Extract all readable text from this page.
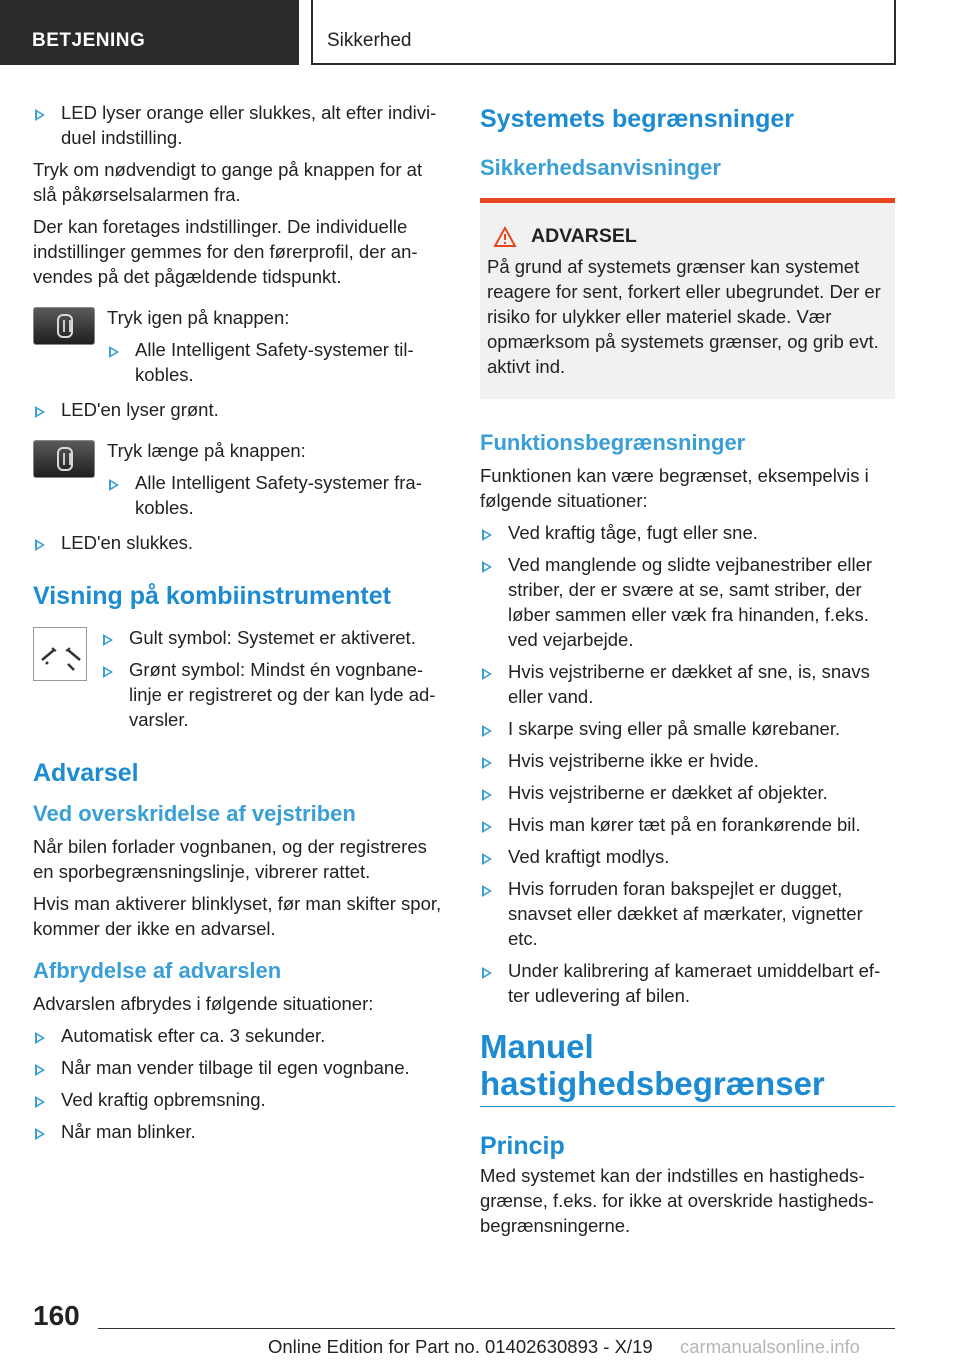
BETJENING	Sikkerhed
LED lyser orange eller slukkes, alt efter indivi-duel indstilling.

Tryk om nødvendigt to gange på knappen for at slå påkørselsalarmen fra.

Der kan foretages indstillinger. De individuelle indstillinger gemmes for den førerprofil, der an-vendes på det pågældende tidspunkt.

Tryk igen på knappen:

Alle Intelligent Safety-systemer til-kobles.
LED'en lyser grønt.

Tryk længe på knappen:

Alle Intelligent Safety-systemer fra-kobles.
LED'en slukkes.
Visning på kombiinstrumentet
Gult symbol: Systemet er aktiveret.
Grønt symbol: Mindst én vognbane-linje er registreret og der kan lyde ad-varsler.
Advarsel
Ved overskridelse af vejstriben

Når bilen forlader vognbanen, og der registreres en sporbegrænsningslinje, vibrerer rattet.

Hvis man aktiverer blinklyset, før man skifter spor, kommer der ikke en advarsel.

Afbrydelse af advarslen

Advarslen afbrydes i følgende situationer:

Automatisk efter ca. 3 sekunder.
Når man vender tilbage til egen vognbane.
Ved kraftig opbremsning.
Når man blinker.
Systemets begrænsninger
Sikkerhedsanvisninger
ADVARSEL

På grund af systemets grænser kan systemet reagere for sent, forkert eller ubegrundet. Der er risiko for ulykker eller materiel skade. Vær opmærksom på systemets grænser, og grib evt. aktivt ind.

Funktionsbegrænsninger

Funktionen kan være begrænset, eksempelvis i følgende situationer:

Ved kraftig tåge, fugt eller sne.
Ved manglende og slidte vejbanestriber eller striber, der er svære at se, samt striber, der løber sammen eller væk fra hinanden, f.eks. ved vejarbejde.
Hvis vejstriberne er dækket af sne, is, snavs eller vand.
I skarpe sving eller på smalle kørebaner.
Hvis vejstriberne ikke er hvide.
Hvis vejstriberne er dækket af objekter.
Hvis man kører tæt på en forankørende bil.
Ved kraftigt modlys.
Hvis forruden foran bakspejlet er dugget, snavset eller dækket af mærkater, vignetter etc.
Under kalibrering af kameraet umiddelbart ef-ter udlevering af bilen.
Manuel
hastighedsbegrænser
Princip

Med systemet kan der indstilles en hastigheds-grænse, f.eks. for ikke at overskride hastigheds-begrænsningerne.

160
Online Edition for Part no. 01402630893 - X/19 carmanualsonline.info
